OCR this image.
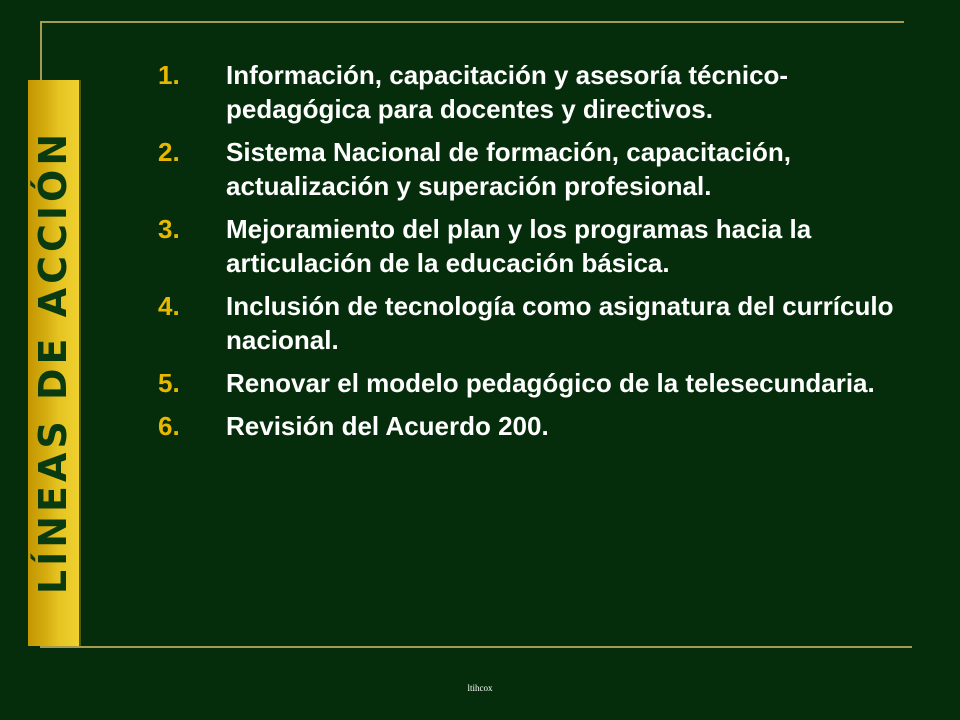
LÍNEAS DE ACCIÓN
1. Información, capacitación y asesoría técnico-pedagógica para docentes y directivos.
2. Sistema Nacional de formación, capacitación, actualización y superación profesional.
3. Mejoramiento del plan y los programas hacia la articulación de la educación básica.
4. Inclusión de tecnología como asignatura del currículo nacional.
5. Renovar el modelo pedagógico de la telesecundaria.
6. Revisión del Acuerdo 200.
ltihcox
